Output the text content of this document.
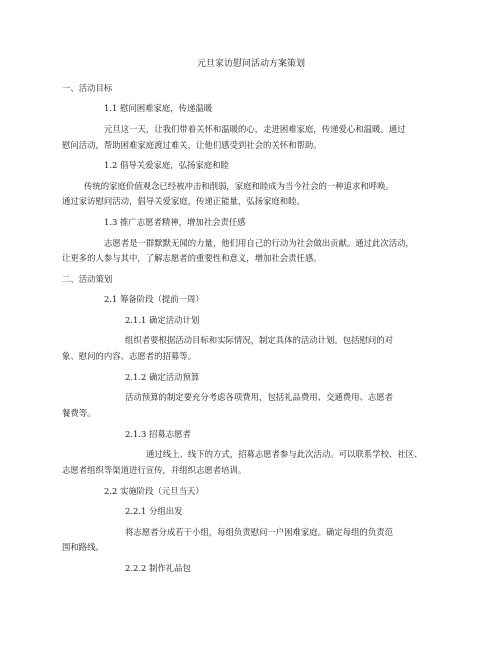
元旦家访慰问活动方案策划

一、活动目标

1.1 慰问困难家庭，传递温暖

元旦这一天，让我们带着关怀和温暖的心，走进困难家庭，传递爱心和温暖。通过

慰问活动，帮助困难家庭渡过难关，让他们感受到社会的关怀和帮助。

1.2 倡导关爱家庭，弘扬家庭和睦

传统的家庭价值观念已经被冲击和削弱，家庭和睦成为当今社会的一种追求和呼唤。

通过家访慰问活动，倡导关爱家庭，传递正能量，弘扬家庭和睦。

1.3 推广志愿者精神，增加社会责任感

志愿者是一群默默无闻的力量，他们用自己的行动为社会做出贡献。通过此次活动，

让更多的人参与其中，了解志愿者的重要性和意义，增加社会责任感。

二、活动策划

2.1 筹备阶段（提前一周）

2.1.1 确定活动计划

组织者要根据活动目标和实际情况，制定具体的活动计划。包括慰问的对

象、慰问的内容、志愿者的招募等。

2.1.2 确定活动预算

活动预算的制定要充分考虑各项费用，包括礼品费用、交通费用、志愿者

餐费等。

2.1.3 招募志愿者

通过线上、线下的方式，招募志愿者参与此次活动。可以联系学校、社区、

志愿者组织等渠道进行宣传，并组织志愿者培训。

2.2 实施阶段（元旦当天）

2.2.1 分组出发

将志愿者分成若干小组，每组负责慰问一户困难家庭。确定每组的负责范

围和路线。

2.2.2 制作礼品包
